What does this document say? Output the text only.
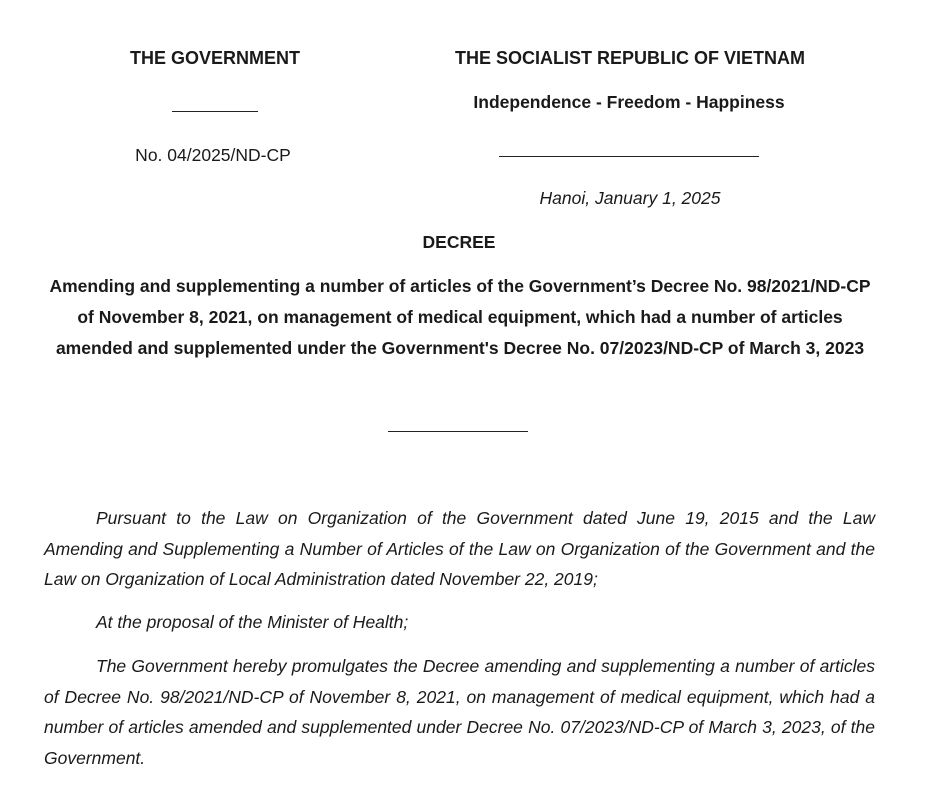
THE GOVERNMENT
No. 04/2025/ND-CP
THE SOCIALIST REPUBLIC OF VIETNAM
Independence - Freedom - Happiness
Hanoi, January 1, 2025
DECREE
Amending and supplementing a number of articles of the Government’s Decree No. 98/2021/ND-CP of November 8, 2021, on management of medical equipment, which had a number of articles amended and supplemented under the Government's Decree No. 07/2023/ND-CP of March 3, 2023
Pursuant to the Law on Organization of the Government dated June 19, 2015 and the Law Amending and Supplementing a Number of Articles of the Law on Organization of the Government and the Law on Organization of Local Administration dated November 22, 2019;
At the proposal of the Minister of Health;
The Government hereby promulgates the Decree amending and supplementing a number of articles of Decree No. 98/2021/ND-CP of November 8, 2021, on management of medical equipment, which had a number of articles amended and supplemented under Decree No. 07/2023/ND-CP of March 3, 2023, of the Government.
